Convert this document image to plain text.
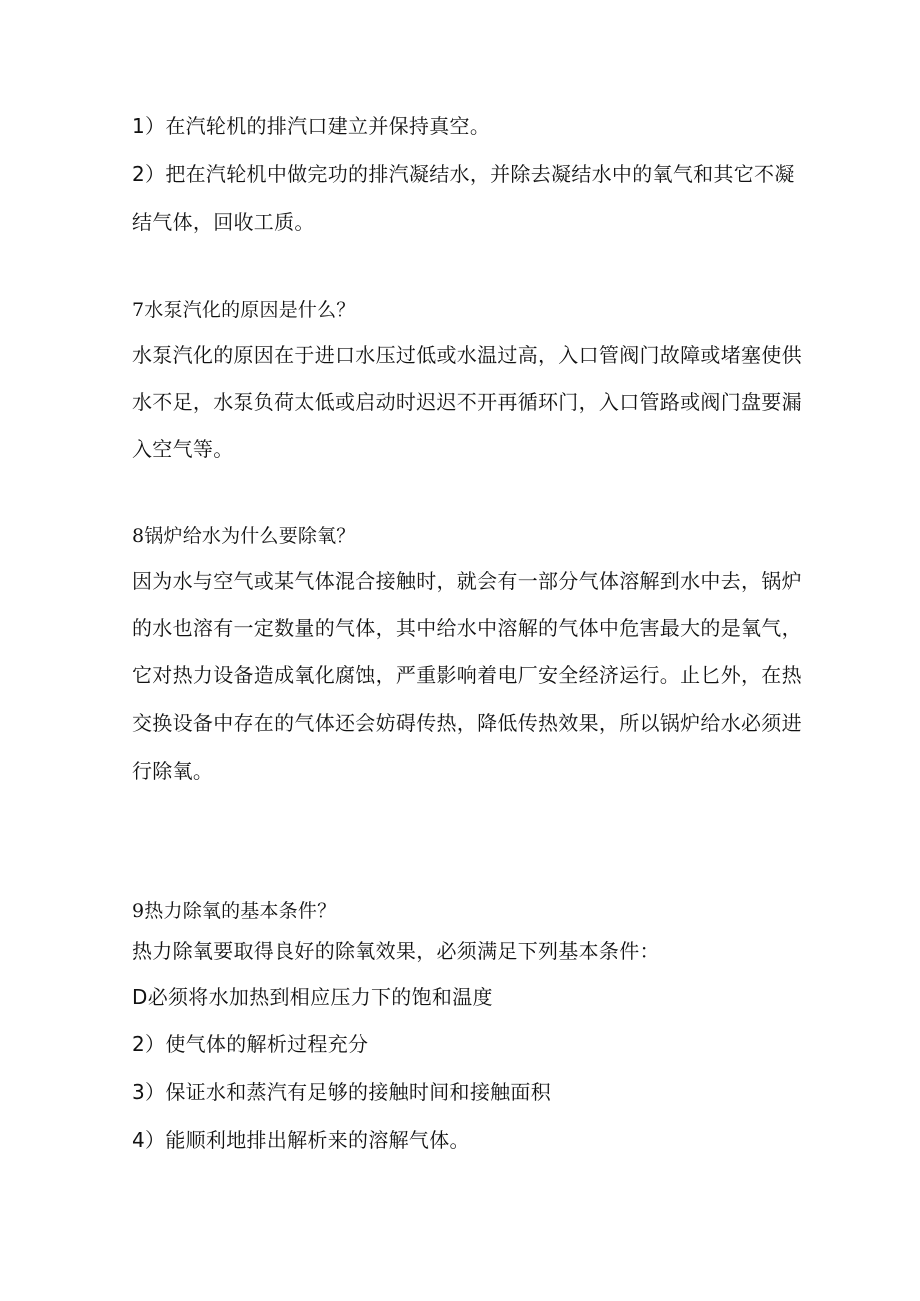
1）在汽轮机的排汽口建立并保持真空。
2）把在汽轮机中做完功的排汽凝结水，并除去凝结水中的氧气和其它不凝
结气体，回收工质。
7水泵汽化的原因是什么？
水泵汽化的原因在于进口水压过低或水温过高，入口管阀门故障或堵塞使供
水不足，水泵负荷太低或启动时迟迟不开再循环门，入口管路或阀门盘要漏
入空气等。
8锅炉给水为什么要除氧？
因为水与空气或某气体混合接触时，就会有一部分气体溶解到水中去，锅炉
的水也溶有一定数量的气体，其中给水中溶解的气体中危害最大的是氧气，
它对热力设备造成氧化腐蚀，严重影响着电厂安全经济运行。止匕外，在热
交换设备中存在的气体还会妨碍传热，降低传热效果，所以锅炉给水必须进
行除氧。
9热力除氧的基本条件？
热力除氧要取得良好的除氧效果，必须满足下列基本条件：
D必须将水加热到相应压力下的饱和温度
2）使气体的解析过程充分
3）保证水和蒸汽有足够的接触时间和接触面积
4）能顺利地排出解析来的溶解气体。
